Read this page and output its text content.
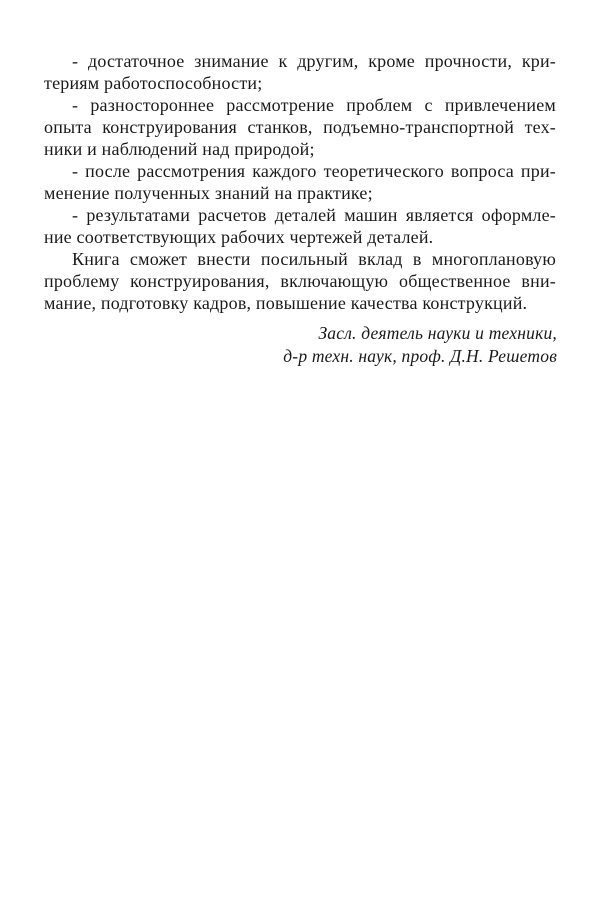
- достаточное знимание к другим, кроме прочности, кри-
териям работоспособности;
- разностороннее рассмотрение проблем с привлечением
опыта конструирования станков, подъемно-транспортной тех-
ники и наблюдений над природой;
- после рассмотрения каждого теоретического вопроса при-
менение полученных знаний на практике;
- результатами расчетов деталей машин является оформле-
ние соответствующих рабочих чертежей деталей.
Книга сможет внести посильный вклад в многоплановую
проблему конструирования, включающую общественное вни-
мание, подготовку кадров, повышение качества конструкций.
Засл. деятель науки и техники,
д-р техн. наук, проф. Д.Н. Решетов
